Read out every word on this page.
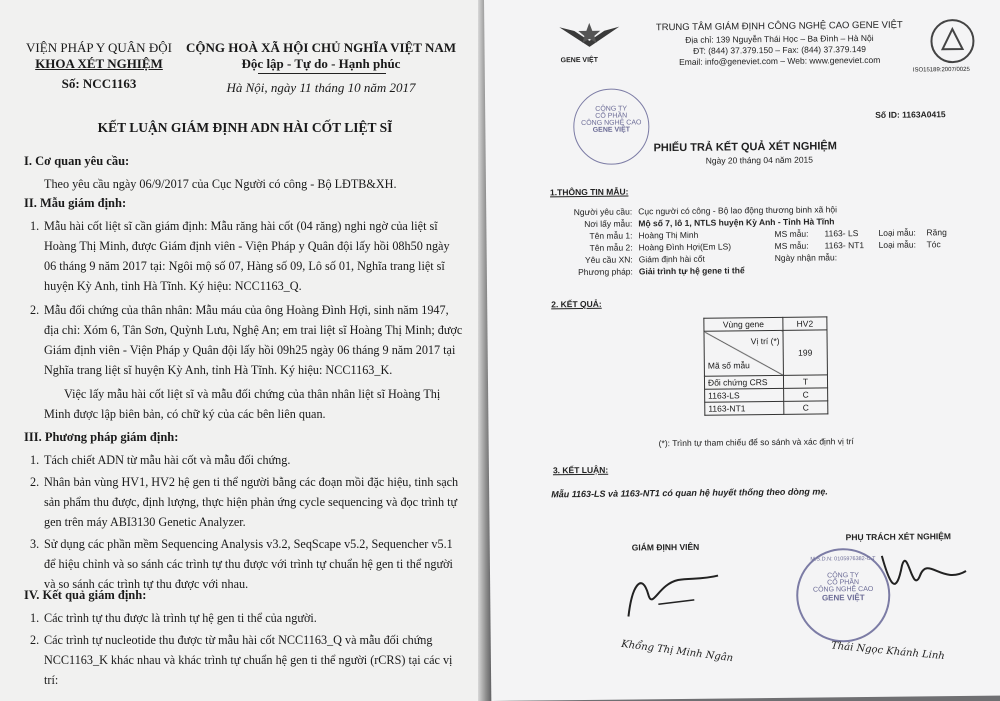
VIỆN PHÁP Y QUÂN ĐỘI
KHOA XÉT NGHIỆM
Số: NCC1163
CỘNG HOÀ XÃ HỘI CHỦ NGHĨA VIỆT NAM
Độc lập - Tự do - Hạnh phúc
Hà Nội, ngày 11 tháng 10 năm 2017
KẾT LUẬN GIÁM ĐỊNH ADN HÀI CỐT LIỆT SĨ
I. Cơ quan yêu cầu:
Theo yêu cầu ngày 06/9/2017 của Cục Người có công - Bộ LĐTB&XH.
II. Mẫu giám định:
1. Mẫu hài cốt liệt sĩ cần giám định: Mẫu răng hài cốt (04 răng) nghi ngờ của liệt sĩ Hoàng Thị Minh, được Giám định viên - Viện Pháp y Quân đội lấy hồi 08h50 ngày 06 tháng 9 năm 2017 tại: Ngôi mộ số 07, Hàng số 09, Lô số 01, Nghĩa trang liệt sĩ huyện Kỳ Anh, tỉnh Hà Tĩnh. Ký hiệu: NCC1163_Q.
2. Mẫu đối chứng của thân nhân: Mẫu máu của ông Hoàng Đình Hợi, sinh năm 1947, địa chỉ: Xóm 6, Tân Sơn, Quỳnh Lưu, Nghệ An; em trai liệt sĩ Hoàng Thị Minh; được Giám định viên - Viện Pháp y Quân đội lấy hồi 09h25 ngày 06 tháng 9 năm 2017 tại Nghĩa trang liệt sĩ huyện Kỳ Anh, tỉnh Hà Tĩnh. Ký hiệu: NCC1163_K.
Việc lấy mẫu hài cốt liệt sĩ và mẫu đối chứng của thân nhân liệt sĩ Hoàng Thị Minh được lập biên bản, có chữ ký của các bên liên quan.
III. Phương pháp giám định:
1. Tách chiết ADN từ mẫu hài cốt và mẫu đối chứng.
2. Nhân bản vùng HV1, HV2 hệ gen ti thể người bằng các đoạn mồi đặc hiệu, tinh sạch sản phẩm thu được, định lượng, thực hiện phản ứng cycle sequencing và đọc trình tự gen trên máy ABI3130 Genetic Analyzer.
3. Sử dụng các phần mềm Sequencing Analysis v3.2, SeqScape v5.2, Sequencher v5.1 để hiệu chỉnh và so sánh các trình tự thu được với trình tự chuẩn hệ gen ti thể người và so sánh các trình tự thu được với nhau.
IV. Kết quả giám định:
1. Các trình tự thu được là trình tự hệ gen ti thể của người.
2. Các trình tự nucleotide thu được từ mẫu hài cốt NCC1163_Q và mẫu đối chứng NCC1163_K khác nhau và khác trình tự chuẩn hệ gen ti thể người (rCRS) tại các vị trí:
GENE VIỆT
TRUNG TÂM GIÁM ĐỊNH CÔNG NGHỆ CAO GENE VIỆT
Địa chỉ: 139 Nguyễn Thái Học – Ba Đình – Hà Nội
ĐT: (844) 37.379.150 – Fax: (844) 37.379.149
Email: info@geneviet.com – Web: www.geneviet.com
ISO15189:2007/0025
CÔNG TY
CỔ PHẦN
CÔNG NGHỆ CAO
GENE VIỆT
Số ID: 1163A0415
PHIẾU TRẢ KẾT QUẢ XÉT NGHIỆM
Ngày 20 tháng 04 năm 2015
1.THÔNG TIN MẪU:
Người yêu cầu: Cục người có công - Bộ lao động thương binh xã hội
Nơi lấy mẫu: Mộ số 7, lô 1, NTLS huyện Kỳ Anh - Tỉnh Hà Tĩnh
Tên mẫu 1: Hoàng Thị Minh
Tên mẫu 2: Hoàng Đình Hợi(Em LS)
Yêu cầu XN: Giám định hài cốt
Phương pháp: Giải trình tự hệ gene ti thể
MS mẫu: 1163- LS Loại mẫu: Răng
MS mẫu: 1163- NT1 Loại mẫu: Tóc
Ngày nhận mẫu:
2. KẾT QUẢ:
Vùng gene	HV2

Vị trí (*)
Mã số mẫu	199
Đối chứng CRS	T
1163-LS	C
1163-NT1	C
(*): Trình tự tham chiếu để so sánh và xác định vị trí
3. KẾT LUẬN:
Mẫu 1163-LS và 1163-NT1 có quan hệ huyết thống theo dòng mẹ.
GIÁM ĐỊNH VIÊN
PHỤ TRÁCH XÉT NGHIỆM
M.S.D.N: 0105976382-C.T
CÔNG TY
CỔ PHẦN
CÔNG NGHỆ CAO
GENE VIỆT
Khổng Thị Minh Ngân	Thái Ngọc Khánh Linh
